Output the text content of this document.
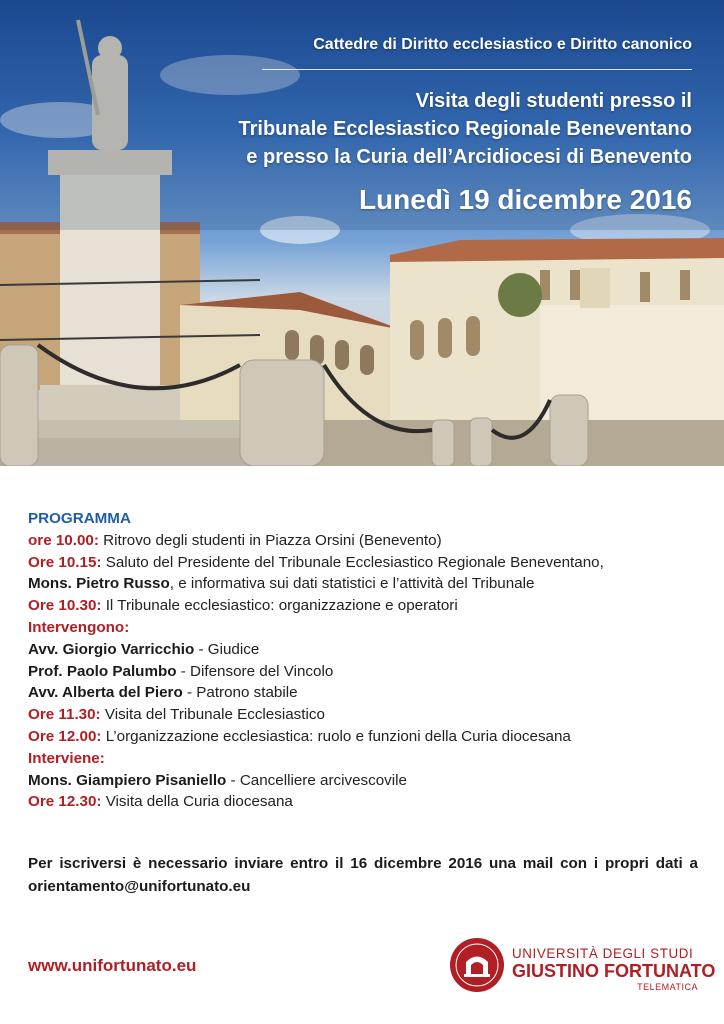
Cattedre di Diritto ecclesiastico e Diritto canonico
Visita degli studenti presso il
Tribunale Ecclesiastico Regionale Beneventano
e presso la Curia dell’Arcidiocesi di Benevento
Lunedì 19 dicembre 2016
PROGRAMMA
ore 10.00: Ritrovo degli studenti in Piazza Orsini (Benevento)
Ore 10.15: Saluto del Presidente del Tribunale Ecclesiastico Regionale Beneventano,
Mons. Pietro Russo, e informativa sui dati statistici e l’attività del Tribunale
Ore 10.30: Il Tribunale ecclesiastico: organizzazione e operatori
Intervengono:
Avv. Giorgio Varricchio - Giudice
Prof. Paolo Palumbo - Difensore del Vincolo
Avv. Alberta del Piero - Patrono stabile
Ore 11.30: Visita del Tribunale Ecclesiastico
Ore 12.00: L’organizzazione ecclesiastica: ruolo e funzioni della Curia diocesana
Interviene:
Mons. Giampiero Pisaniello - Cancelliere arcivescovile
Ore 12.30: Visita della Curia diocesana
Per iscriversi è necessario inviare entro il 16 dicembre 2016 una mail con i propri dati a orientamento@unifortunato.eu
www.unifortunato.eu
UNIVERSITÀ DEGLI STUDI
GIUSTINO FORTUNATO
TELEMATICA
